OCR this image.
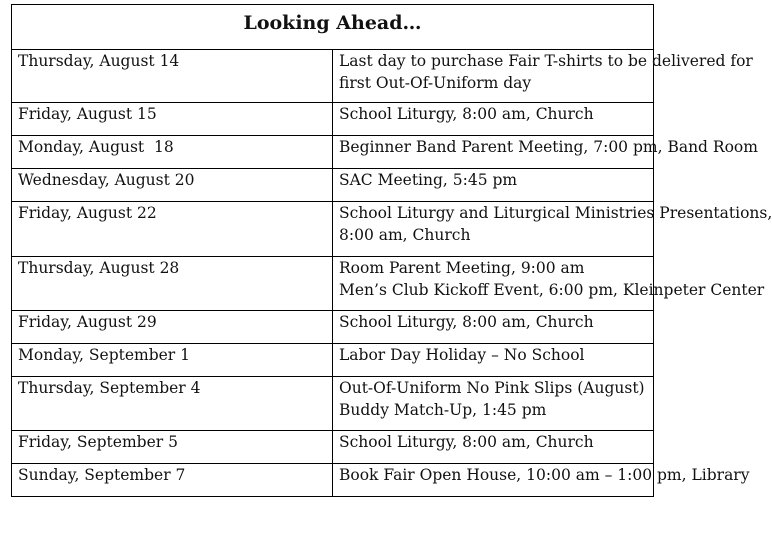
Looking Ahead…	
Thursday, August 14	Last day to purchase Fair T-shirts to be delivered for
first Out-Of-Uniform day

Friday, August 15	School Liturgy, 8:00 am, Church

Monday, August  18	Beginner Band Parent Meeting, 7:00 pm, Band Room

Wednesday, August 20	SAC Meeting, 5:45 pm

Friday, August 22	School Liturgy and Liturgical Ministries Presentations,
8:00 am, Church

Thursday, August 28	Room Parent Meeting, 9:00 am
Men’s Club Kickoff Event, 6:00 pm, Kleinpeter Center

Friday, August 29	School Liturgy, 8:00 am, Church

Monday, September 1	Labor Day Holiday – No School

Thursday, September 4	Out-Of-Uniform No Pink Slips (August)
Buddy Match-Up, 1:45 pm

Friday, September 5	School Liturgy, 8:00 am, Church

Sunday, September 7	Book Fair Open House, 10:00 am – 1:00 pm, Library
